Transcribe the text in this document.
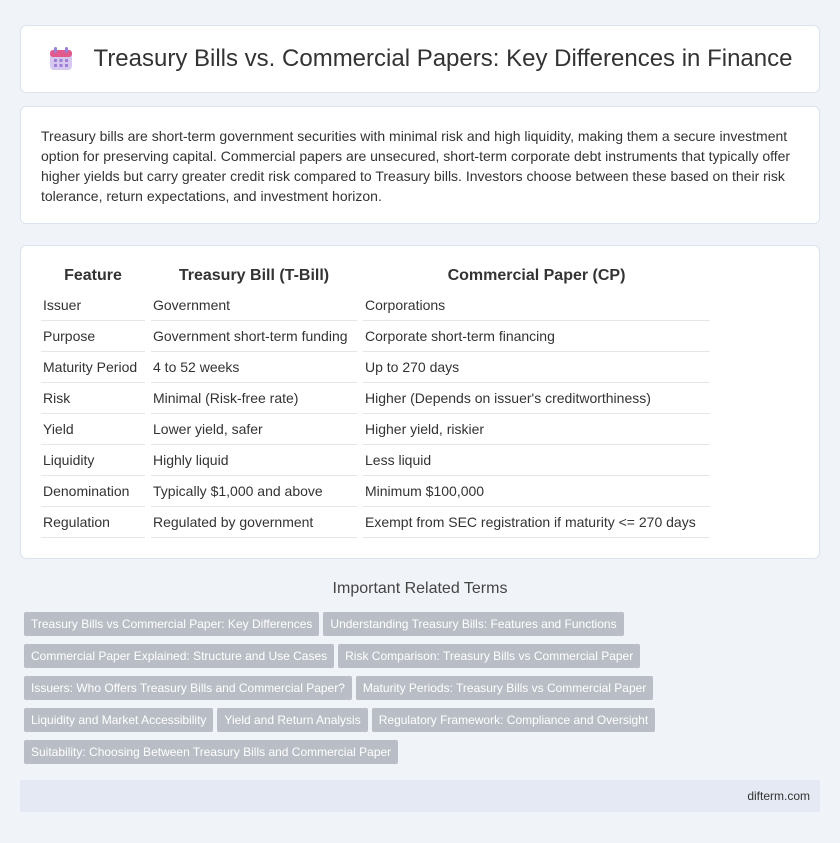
Treasury Bills vs. Commercial Papers: Key Differences in Finance

Treasury bills are short-term government securities with minimal risk and high liquidity, making them a secure investment option for preserving capital. Commercial papers are unsecured, short-term corporate debt instruments that typically offer higher yields but carry greater credit risk compared to Treasury bills. Investors choose between these based on their risk tolerance, return expectations, and investment horizon.

Feature	Treasury Bill (T-Bill)	Commercial Paper (CP)
Issuer	Government	Corporations
Purpose	Government short-term funding	Corporate short-term financing
Maturity Period	4 to 52 weeks	Up to 270 days
Risk	Minimal (Risk-free rate)	Higher (Depends on issuer's creditworthiness)
Yield	Lower yield, safer	Higher yield, riskier
Liquidity	Highly liquid	Less liquid
Denomination	Typically $1,000 and above	Minimum $100,000
Regulation	Regulated by government	Exempt from SEC registration if maturity <= 270 days
Important Related Terms
Treasury Bills vs Commercial Paper: Key Differences Understanding Treasury Bills: Features and Functions
Commercial Paper Explained: Structure and Use Cases Risk Comparison: Treasury Bills vs Commercial Paper
Issuers: Who Offers Treasury Bills and Commercial Paper? Maturity Periods: Treasury Bills vs Commercial Paper
Liquidity and Market Accessibility Yield and Return Analysis Regulatory Framework: Compliance and Oversight
Suitability: Choosing Between Treasury Bills and Commercial Paper
difterm.com
